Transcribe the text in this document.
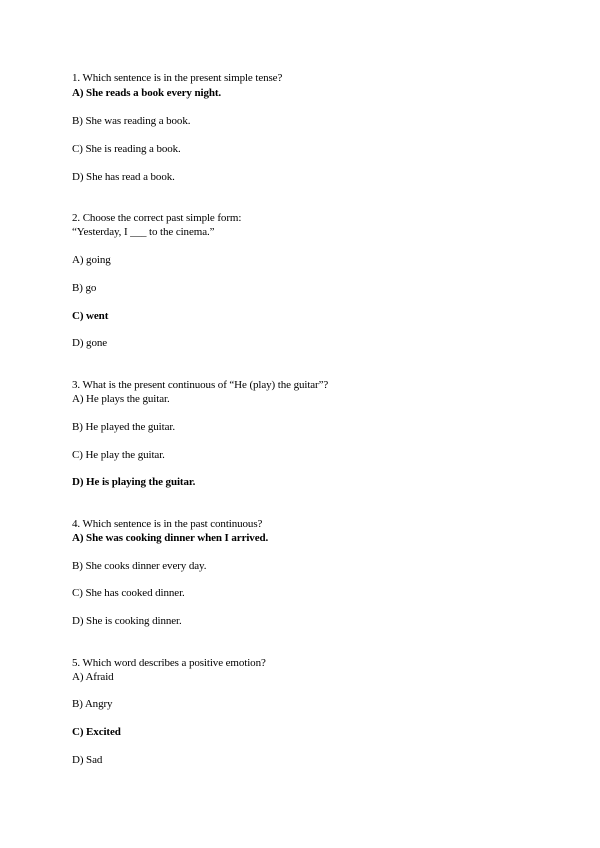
1. Which sentence is in the present simple tense?
A) She reads a book every night.
B) She was reading a book.
C) She is reading a book.
D) She has read a book.
2. Choose the correct past simple form:
“Yesterday, I ___ to the cinema.”
A) going
B) go
C) went
D) gone
3. What is the present continuous of “He (play) the guitar”?
A) He plays the guitar.
B) He played the guitar.
C) He play the guitar.
D) He is playing the guitar.
4. Which sentence is in the past continuous?
A) She was cooking dinner when I arrived.
B) She cooks dinner every day.
C) She has cooked dinner.
D) She is cooking dinner.
5. Which word describes a positive emotion?
A) Afraid
B) Angry
C) Excited
D) Sad
